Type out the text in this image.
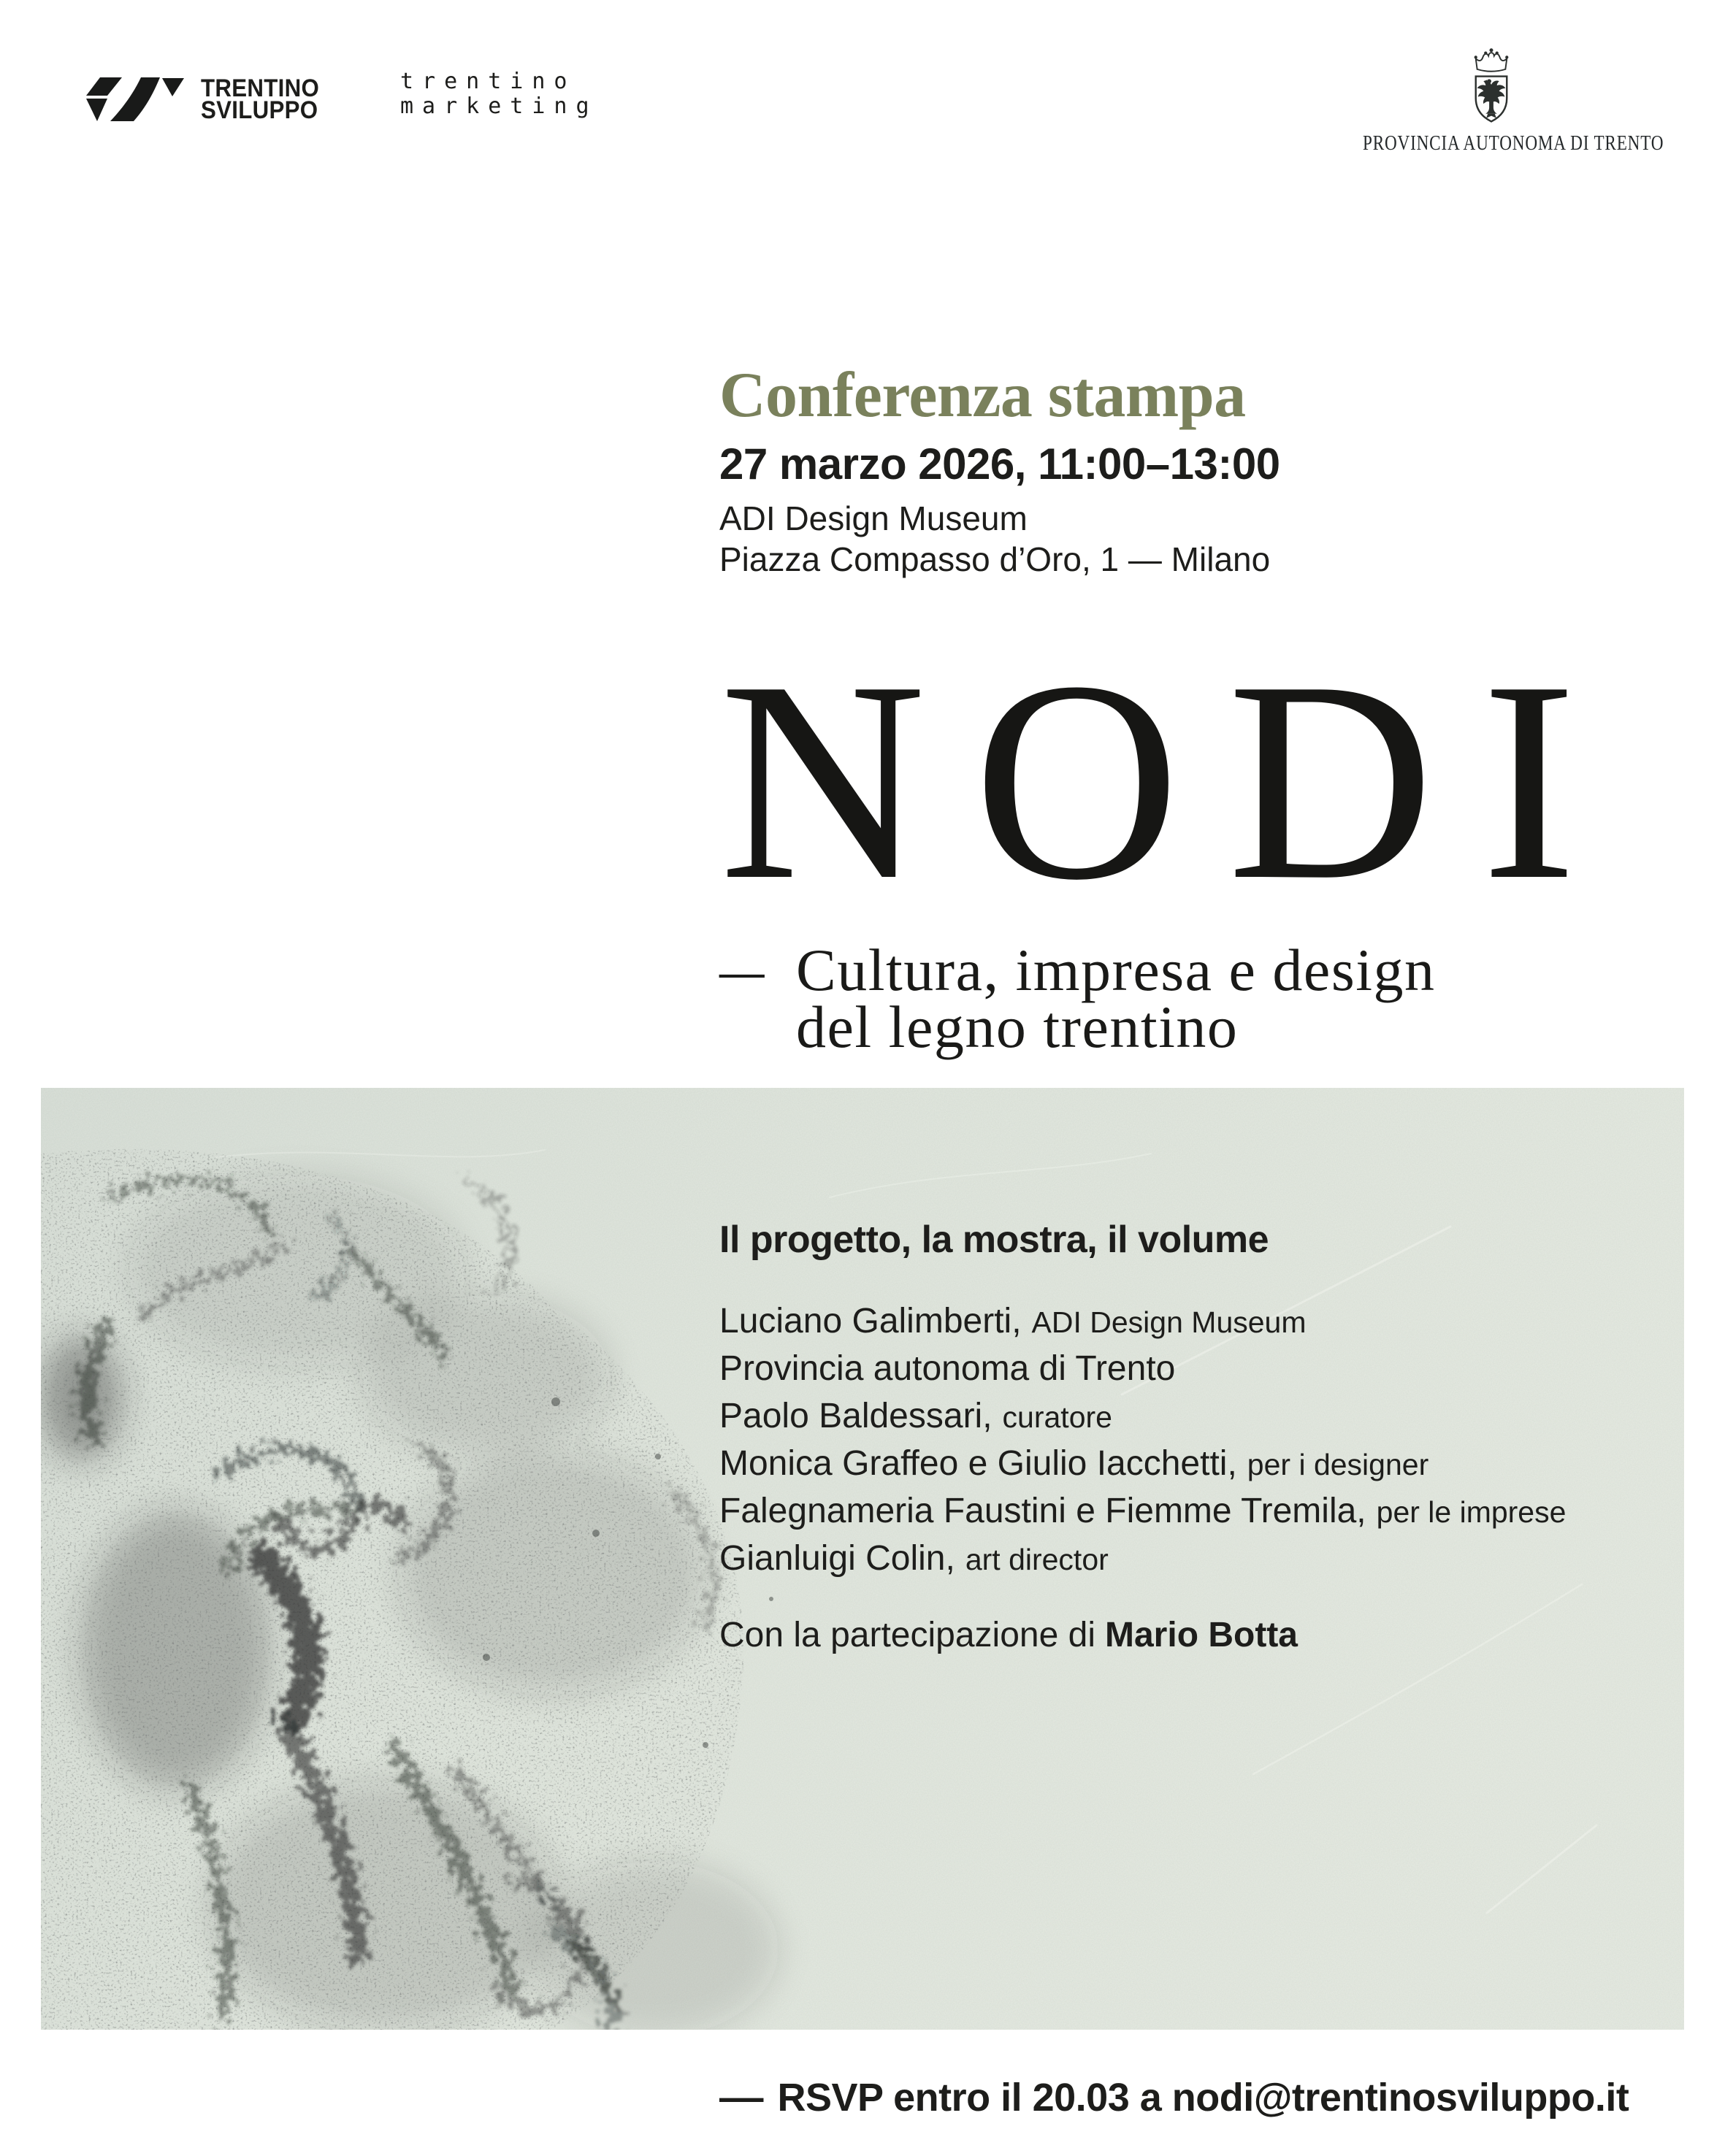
TRENTINO
SVILUPPO
trentino
marketing
PROVINCIA AUTONOMA DI TRENTO
Conferenza stampa
27 marzo 2026, 11:00–13:00
ADI Design Museum
Piazza Compasso d’Oro, 1 — Milano
NODI
— Cultura, impresa e design
del legno trentino
Il progetto, la mostra, il volume
Luciano Galimberti, ADI Design Museum
Provincia autonoma di Trento
Paolo Baldessari, curatore
Monica Graffeo e Giulio Iacchetti, per i designer
Falegnameria Faustini e Fiemme Tremila, per le imprese
Gianluigi Colin, art director
Con la partecipazione di Mario Botta
— RSVP entro il 20.03 a nodi@trentinosviluppo.it
